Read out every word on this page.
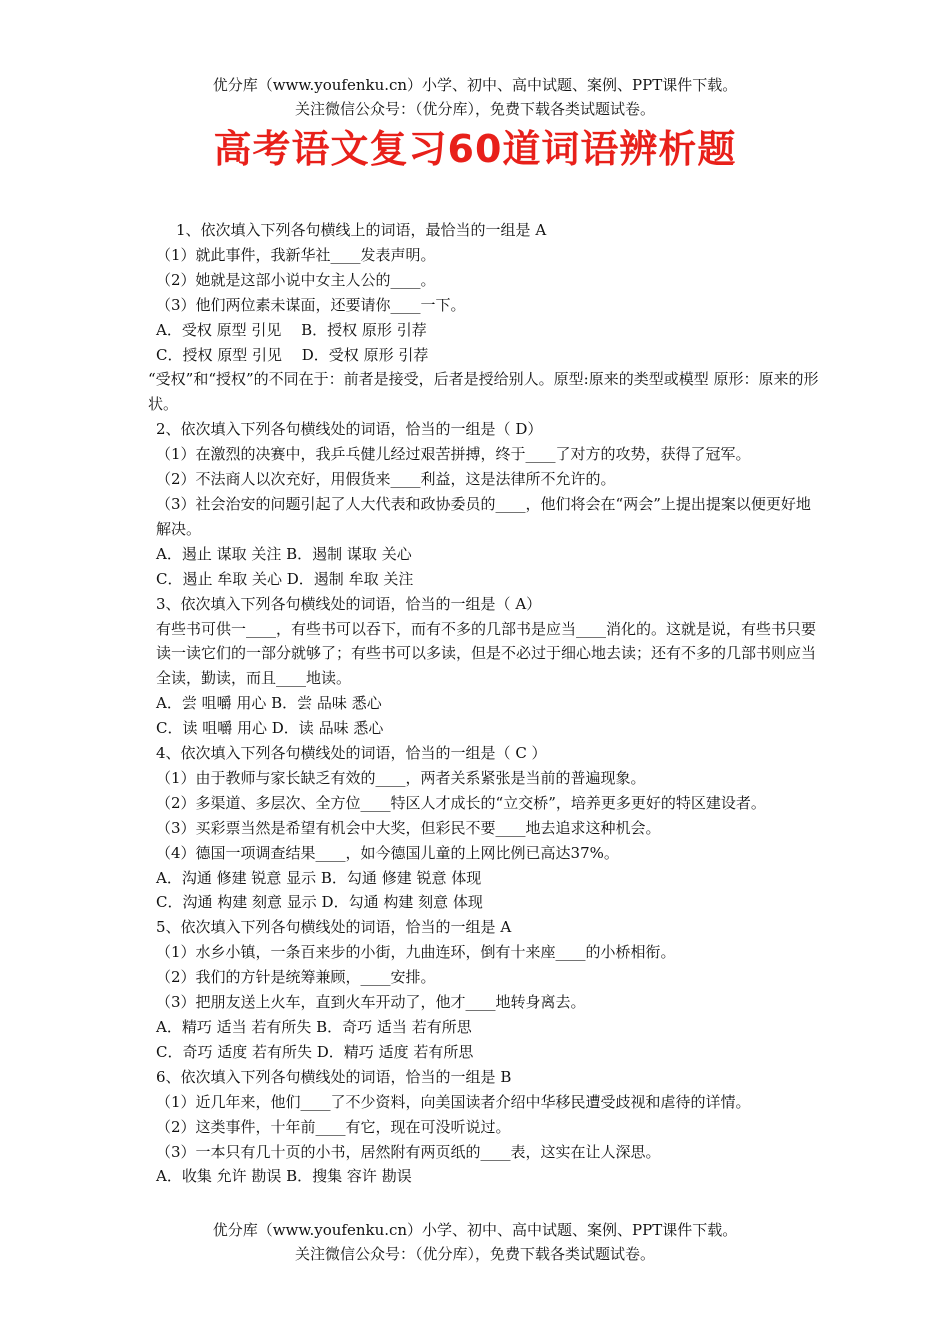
优分库（www.youfenku.cn）小学、初中、高中试题、案例、PPT课件下载。
关注微信公众号：（优分库），免费下载各类试题试卷。
高考语文复习60道词语辨析题
1、依次填入下列各句横线上的词语，最恰当的一组是 A
（1）就此事件，我新华社____发表声明。
（2）她就是这部小说中女主人公的____。
（3）他们两位素未谋面，还要请你____一下。
A．受权 原型 引见　 B．授权 原形 引荐
C．授权 原型 引见　 D．受权 原形 引荐
“受权”和“授权”的不同在于：前者是接受，后者是授给别人。原型:原来的类型或模型 原形：原来的形状。
2、依次填入下列各句横线处的词语，恰当的一组是（ D）
（1）在激烈的决赛中，我乒乓健儿经过艰苦拼搏，终于____了对方的攻势，获得了冠军。
（2）不法商人以次充好，用假货来____利益，这是法律所不允许的。
（3）社会治安的问题引起了人大代表和政协委员的____，他们将会在“两会”上提出提案以便更好地解决。
A．遏止 谋取 关注 B．遏制 谋取 关心
C．遏止 牟取 关心 D．遏制 牟取 关注
3、依次填入下列各句横线处的词语，恰当的一组是（ A）
有些书可供一____，有些书可以吞下，而有不多的几部书是应当____消化的。这就是说，有些书只要读一读它们的一部分就够了；有些书可以多读，但是不必过于细心地去读；还有不多的几部书则应当全读，勤读，而且____地读。
A．尝 咀嚼 用心 B．尝 品味 悉心
C．读 咀嚼 用心 D．读 品味 悉心
4、依次填入下列各句横线处的词语，恰当的一组是（ C ）
（1）由于教师与家长缺乏有效的____，两者关系紧张是当前的普遍现象。
（2）多渠道、多层次、全方位____特区人才成长的“立交桥”，培养更多更好的特区建设者。
（3）买彩票当然是希望有机会中大奖，但彩民不要____地去追求这种机会。
（4）德国一项调查结果____，如今德国儿童的上网比例已高达37%。
A．沟通 修建 锐意 显示 B．勾通 修建 锐意 体现
C．沟通 构建 刻意 显示 D．勾通 构建 刻意 体现
5、依次填入下列各句横线处的词语，恰当的一组是 A
（1）水乡小镇，一条百来步的小街，九曲连环，倒有十来座____的小桥相衔。
（2）我们的方针是统筹兼顾，____安排。
（3）把朋友送上火车，直到火车开动了，他才____地转身离去。
A．精巧 适当 若有所失 B．奇巧 适当 若有所思
C．奇巧 适度 若有所失 D．精巧 适度 若有所思
6、依次填入下列各句横线处的词语，恰当的一组是 B
（1）近几年来，他们____了不少资料，向美国读者介绍中华移民遭受歧视和虐待的详情。
（2）这类事件，十年前____有它，现在可没听说过。
（3）一本只有几十页的小书，居然附有两页纸的____表，这实在让人深思。
A．收集 允许 勘误 B．搜集 容许 勘误
优分库（www.youfenku.cn）小学、初中、高中试题、案例、PPT课件下载。
关注微信公众号：（优分库），免费下载各类试题试卷。
